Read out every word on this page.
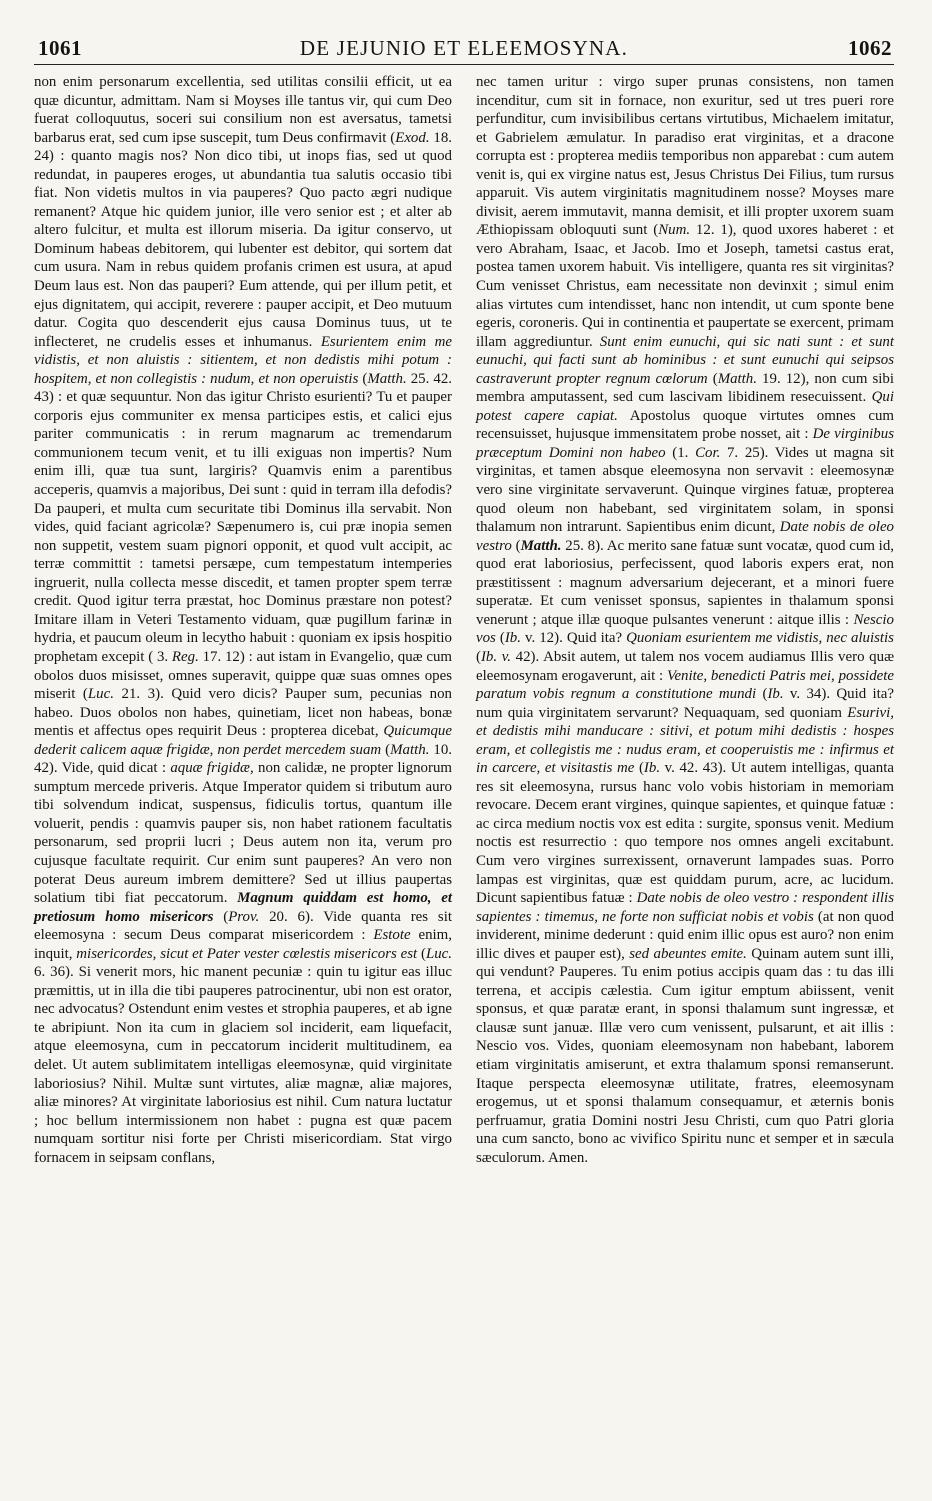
1061	DE JEJUNIO ET ELEEMOSYNA.	1062

non enim personarum excellentia, sed utilitas consilii efficit, ut ea quæ dicuntur, admittam. Nam si Moyses ille tantus vir, qui cum Deo fuerat colloquutus, soceri sui consilium non est aversatus, tametsi barbarus erat, sed cum ipse suscepit, tum Deus confirmavit (Exod. 18. 24) : quanto magis nos? Non dico tibi, ut inops fias, sed ut quod redundat, in pauperes eroges, ut abundantia tua salutis occasio tibi fiat. Non videtis multos in via pauperes? Quo pacto ægri nudique remanent? Atque hic quidem junior, ille vero senior est ; et alter ab altero fulcitur, et multa est illorum miseria. Da igitur conservo, ut Dominum habeas debitorem, qui lubenter est debitor, qui sortem dat cum usura. Nam in rebus quidem profanis crimen est usura, at apud Deum laus est. Non das pauperi? Eum attende, qui per illum petit, et ejus dignitatem, qui accipit, reverere : pauper accipit, et Deo mutuum datur. Cogita quo descenderit ejus causa Dominus tuus, ut te inflecteret, ne crudelis esses et inhumanus. Esurientem enim me vidistis, et non aluistis : sitientem, et non dedistis mihi potum : hospitem, et non collegistis : nudum, et non operuistis (Matth. 25. 42. 43) : et quæ sequuntur. Non das igitur Christo esurienti? Tu et pauper corporis ejus communiter ex mensa participes estis, et calici ejus pariter communicatis : in rerum magnarum ac tremendarum communionem tecum venit, et tu illi exiguas non impertis? Num enim illi, quæ tua sunt, largiris? Quamvis enim a parentibus acceperis, quamvis a majoribus, Dei sunt : quid in terram illa defodis? Da pauperi, et multa cum securitate tibi Dominus illa servabit. Non vides, quid faciant agricolæ? Sæpenumero is, cui præ inopia semen non suppetit, vestem suam pignori opponit, et quod vult accipit, ac terræ committit : tametsi persæpe, cum tempestatum intemperies ingruerit, nulla collecta messe discedit, et tamen propter spem terræ credit. Quod igitur terra præstat, hoc Dominus præstare non potest? Imitare illam in Veteri Testamento viduam, quæ pugillum farinæ in hydria, et paucum oleum in lecytho habuit : quoniam ex ipsis hospitio prophetam excepit ( 3. Reg. 17. 12) : aut istam in Evangelio, quæ cum obolos duos misisset, omnes superavit, quippe quæ suas omnes opes miserit (Luc. 21. 3). Quid vero dicis? Pauper sum, pecunias non habeo. Duos obolos non habes, quinetiam, licet non habeas, bonæ mentis et affectus opes requirit Deus : propterea dicebat, Quicumque dederit calicem aquæ frigidæ, non perdet mercedem suam (Matth. 10. 42). Vide, quid dicat : aquæ frigidæ, non calidæ, ne propter lignorum sumptum mercede priveris. Atque Imperator quidem si tributum auro tibi solvendum indicat, suspensus, fidiculis tortus, quantum ille voluerit, pendis : quamvis pauper sis, non habet rationem facultatis personarum, sed proprii lucri ; Deus autem non ita, verum pro cujusque facultate requirit. Cur enim sunt pauperes? An vero non poterat Deus aureum imbrem demittere? Sed ut illius paupertas solatium tibi fiat peccatorum. Magnum quiddam est homo, et pretiosum homo misericors (Prov. 20. 6). Vide quanta res sit eleemosyna : secum Deus comparat misericordem : Estote enim, inquit, misericordes, sicut et Pater vester cœlestis misericors est (Luc. 6. 36). Si venerit mors, hic manent pecuniæ : quin tu igitur eas illuc præmittis, ut in illa die tibi pauperes patrocinentur, ubi non est orator, nec advocatus? Ostendunt enim vestes et strophia pauperes, et ab igne te abripiunt. Non ita cum in glaciem sol inciderit, eam liquefacit, atque eleemosyna, cum in peccatorum inciderit multitudinem, ea delet. Ut autem sublimitatem intelligas eleemosynæ, quid virginitate laboriosius? Nihil. Multæ sunt virtutes, aliæ magnæ, aliæ majores, aliæ minores? At virginitate laboriosius est nihil. Cum natura luctatur ; hoc bellum intermissionem non habet : pugna est quæ pacem numquam sortitur nisi forte per Christi misericordiam. Stat virgo fornacem in seipsam conflans,

nec tamen uritur : virgo super prunas consistens, non tamen incenditur, cum sit in fornace, non exuritur, sed ut tres pueri rore perfunditur, cum invisibilibus certans virtutibus, Michaelem imitatur, et Gabrielem æmulatur. In paradiso erat virginitas, et a dracone corrupta est : propterea mediis temporibus non apparebat : cum autem venit is, qui ex virgine natus est, Jesus Christus Dei Filius, tum rursus apparuit. Vis autem virginitatis magnitudinem nosse? Moyses mare divisit, aerem immutavit, manna demisit, et illi propter uxorem suam Æthiopissam obloquuti sunt (Num. 12. 1), quod uxores haberet : et vero Abraham, Isaac, et Jacob. Imo et Joseph, tametsi castus erat, postea tamen uxorem habuit. Vis intelligere, quanta res sit virginitas? Cum venisset Christus, eam necessitate non devinxit ; simul enim alias virtutes cum intendisset, hanc non intendit, ut cum sponte bene egeris, coroneris. Qui in continentia et paupertate se exercent, primam illam aggrediuntur. Sunt enim eunuchi, qui sic nati sunt : et sunt eunuchi, qui facti sunt ab hominibus : et sunt eunuchi qui seipsos castraverunt propter regnum cœlorum (Matth. 19. 12), non cum sibi membra amputassent, sed cum lascivam libidinem resecuissent. Qui potest capere capiat. Apostolus quoque virtutes omnes cum recensuisset, hujusque immensitatem probe nosset, ait : De virginibus præceptum Domini non habeo (1. Cor. 7. 25). Vides ut magna sit virginitas, et tamen absque eleemosyna non servavit : eleemosynæ vero sine virginitate servaverunt. Quinque virgines fatuæ, propterea quod oleum non habebant, sed virginitatem solam, in sponsi thalamum non intrarunt. Sapientibus enim dicunt, Date nobis de oleo vestro (Matth. 25. 8). Ac merito sane fatuæ sunt vocatæ, quod cum id, quod erat laboriosius, perfecissent, quod laboris expers erat, non præstitissent : magnum adversarium dejecerant, et a minori fuere superatæ. Et cum venisset sponsus, sapientes in thalamum sponsi venerunt ; atque illæ quoque pulsantes venerunt : aitque illis : Nescio vos (Ib. v. 12). Quid ita? Quoniam esurientem me vidistis, nec aluistis (Ib. v. 42). Absit autem, ut talem nos vocem audiamus Illis vero quæ eleemosynam erogaverunt, ait : Venite, benedicti Patris mei, possidete paratum vobis regnum a constitutione mundi (Ib. v. 34). Quid ita? num quia virginitatem servarunt? Nequaquam, sed quoniam Esurivi, et dedistis mihi manducare : sitivi, et potum mihi dedistis : hospes eram, et collegistis me : nudus eram, et cooperuistis me : infirmus et in carcere, et visitastis me (Ib. v. 42. 43). Ut autem intelligas, quanta res sit eleemosyna, rursus hanc volo vobis historiam in memoriam revocare. Decem erant virgines, quinque sapientes, et quinque fatuæ : ac circa medium noctis vox est edita : surgite, sponsus venit. Medium noctis est resurrectio : quo tempore nos omnes angeli excitabunt. Cum vero virgines surrexissent, ornaverunt lampades suas. Porro lampas est virginitas, quæ est quiddam purum, acre, ac lucidum. Dicunt sapientibus fatuæ : Date nobis de oleo vestro : respondent illis sapientes : timemus, ne forte non sufficiat nobis et vobis (at non quod inviderent, minime dederunt : quid enim illic opus est auro? non enim illic dives et pauper est), sed abeuntes emite. Quinam autem sunt illi, qui vendunt? Pauperes. Tu enim potius accipis quam das : tu das illi terrena, et accipis cælestia. Cum igitur emptum abiissent, venit sponsus, et quæ paratæ erant, in sponsi thalamum sunt ingressæ, et clausæ sunt januæ. Illæ vero cum venissent, pulsarunt, et ait illis : Nescio vos. Vides, quoniam eleemosynam non habebant, laborem etiam virginitatis amiserunt, et extra thalamum sponsi remanserunt. Itaque perspecta eleemosynæ utilitate, fratres, eleemosynam erogemus, ut et sponsi thalamum consequamur, et æternis bonis perfruamur, gratia Domini nostri Jesu Christi, cum quo Patri gloria una cum sancto, bono ac vivifico Spiritu nunc et semper et in sæcula sæculorum. Amen.
